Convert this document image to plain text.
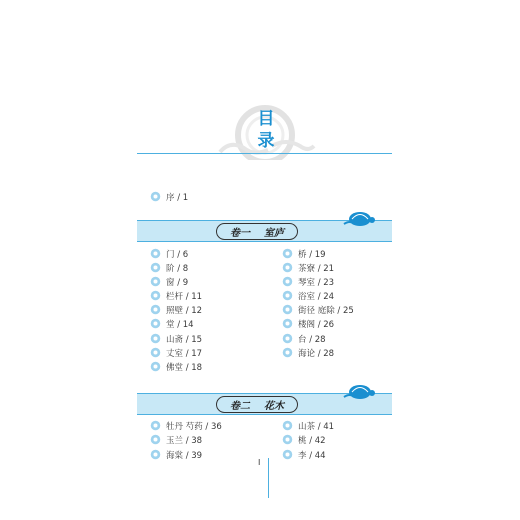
目录
序 / 1
卷一 室庐
门 / 6
阶 / 8
窗 / 9
栏杆 / 11
照壁 / 12
堂 / 14
山斋 / 15
丈室 / 17
佛堂 / 18
桥 / 19
茶寮 / 21
琴室 / 23
浴室 / 24
街径 庭除 / 25
楼阁 / 26
台 / 28
海论 / 28
卷二 花木
牡丹 芍药 / 36
玉兰 / 38
海棠 / 39
山茶 / 41
桃 / 42
李 / 44
I
